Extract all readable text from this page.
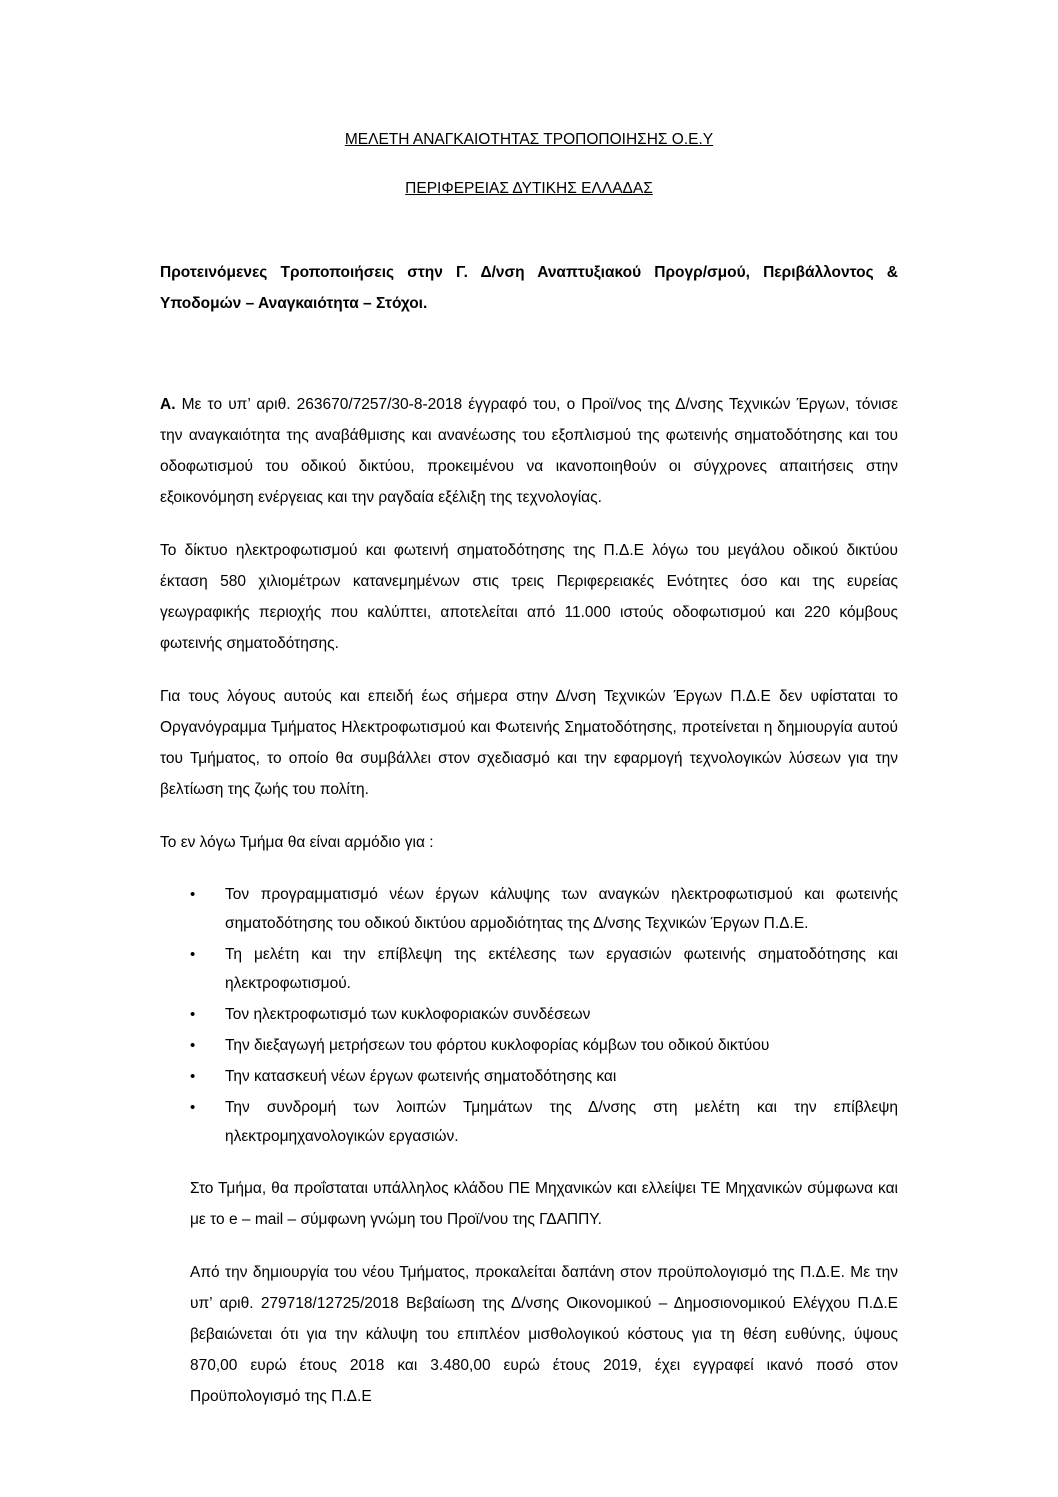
ΜΕΛΕΤΗ ΑΝΑΓΚΑΙΟΤΗΤΑΣ ΤΡΟΠΟΠΟΙΗΣΗΣ Ο.Ε.Υ

ΠΕΡΙΦΕΡΕΙΑΣ ΔΥΤΙΚΗΣ ΕΛΛΑΔΑΣ

Προτεινόμενες Τροποποιήσεις στην Γ. Δ/νση Αναπτυξιακού Προγρ/σμού, Περιβάλλοντος & Υποδομών – Αναγκαιότητα – Στόχοι.

Α. Με το υπ’ αριθ. 263670/7257/30-8-2018 έγγραφό του, ο Προϊ/νος της Δ/νσης Τεχνικών Έργων, τόνισε την αναγκαιότητα της αναβάθμισης και ανανέωσης του εξοπλισμού της φωτεινής σηματοδότησης και του οδοφωτισμού του οδικού δικτύου, προκειμένου να ικανοποιηθούν οι σύγχρονες απαιτήσεις στην εξοικονόμηση ενέργειας και την ραγδαία εξέλιξη της τεχνολογίας.

Το δίκτυο ηλεκτροφωτισμού και φωτεινή σηματοδότησης της Π.Δ.Ε λόγω του μεγάλου οδικού δικτύου έκταση 580 χιλιομέτρων κατανεμημένων στις τρεις Περιφερειακές Ενότητες όσο και της ευρείας γεωγραφικής περιοχής που καλύπτει, αποτελείται από 11.000 ιστούς οδοφωτισμού και 220 κόμβους φωτεινής σηματοδότησης.

Για τους λόγους αυτούς και επειδή έως σήμερα στην Δ/νση Τεχνικών Έργων Π.Δ.Ε δεν υφίσταται το Οργανόγραμμα Τμήματος Ηλεκτροφωτισμού και Φωτεινής Σηματοδότησης, προτείνεται η δημιουργία αυτού του Τμήματος, το οποίο θα συμβάλλει στον σχεδιασμό και την εφαρμογή τεχνολογικών λύσεων για την βελτίωση της ζωής του πολίτη.

Το εν λόγω Τμήμα θα είναι αρμόδιο για :

• Τον προγραμματισμό νέων έργων κάλυψης των αναγκών ηλεκτροφωτισμού και φωτεινής σηματοδότησης του οδικού δικτύου αρμοδιότητας της Δ/νσης Τεχνικών Έργων Π.Δ.Ε.
• Τη μελέτη και την επίβλεψη της εκτέλεσης των εργασιών φωτεινής σηματοδότησης και ηλεκτροφωτισμού.
• Τον ηλεκτροφωτισμό των κυκλοφοριακών συνδέσεων
• Την διεξαγωγή μετρήσεων του φόρτου κυκλοφορίας κόμβων του οδικού δικτύου
• Την κατασκευή νέων έργων φωτεινής σηματοδότησης και
• Την συνδρομή των λοιπών Τμημάτων της Δ/νσης στη μελέτη και την επίβλεψη ηλεκτρομηχανολογικών εργασιών.

Στο Τμήμα, θα προΐσταται υπάλληλος κλάδου ΠΕ Μηχανικών και ελλείψει ΤΕ Μηχανικών σύμφωνα και με το e – mail – σύμφωνη γνώμη του Προϊ/νου της ΓΔΑΠΠΥ.

Από την δημιουργία του νέου Τμήματος, προκαλείται δαπάνη στον προϋπολογισμό της Π.Δ.Ε. Με την υπ’ αριθ. 279718/12725/2018 Βεβαίωση της Δ/νσης Οικονομικού – Δημοσιονομικού Ελέγχου Π.Δ.Ε βεβαιώνεται ότι για την κάλυψη του επιπλέον μισθολογικού κόστους για τη θέση ευθύνης, ύψους 870,00 ευρώ έτους 2018 και 3.480,00 ευρώ έτους 2019, έχει εγγραφεί ικανό ποσό στον Προϋπολογισμό της Π.Δ.Ε
